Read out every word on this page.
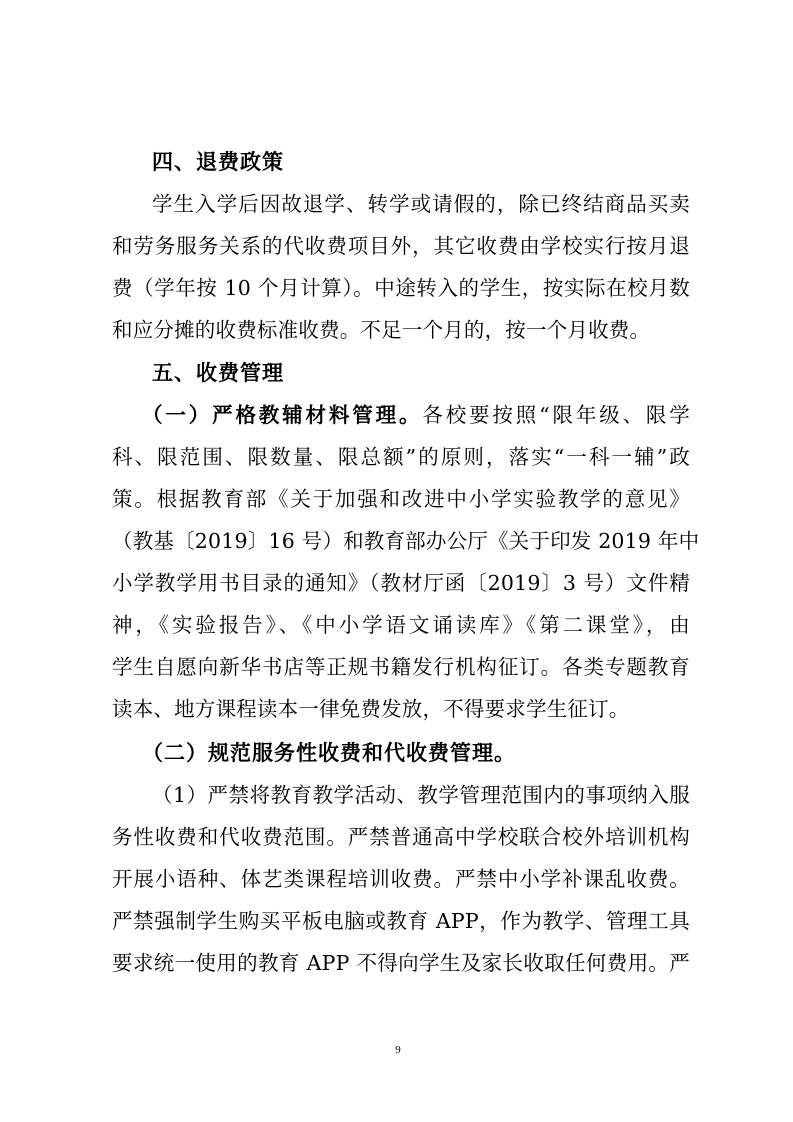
四、退费政策
学生入学后因故退学、转学或请假的，除已终结商品买卖
和劳务服务关系的代收费项目外，其它收费由学校实行按月退
费（学年按 10 个月计算）。中途转入的学生，按实际在校月数
和应分摊的收费标准收费。不足一个月的，按一个月收费。
五、收费管理
（一）严格教辅材料管理。各校要按照“限年级、限学
科、限范围、限数量、限总额”的原则，落实“一科一辅”政
策。根据教育部《关于加强和改进中小学实验教学的意见》
（教基〔2019〕16 号）和教育部办公厅《关于印发 2019 年中
小学教学用书目录的通知》（教材厅函〔2019〕3 号）文件精
神，《实验报告》、《中小学语文诵读库》《第二课堂》，由
学生自愿向新华书店等正规书籍发行机构征订。各类专题教育
读本、地方课程读本一律免费发放，不得要求学生征订。
（二）规范服务性收费和代收费管理。
（1）严禁将教育教学活动、教学管理范围内的事项纳入服
务性收费和代收费范围。严禁普通高中学校联合校外培训机构
开展小语种、体艺类课程培训收费。严禁中小学补课乱收费。
严禁强制学生购买平板电脑或教育 APP，作为教学、管理工具
要求统一使用的教育 APP 不得向学生及家长收取任何费用。严
9
